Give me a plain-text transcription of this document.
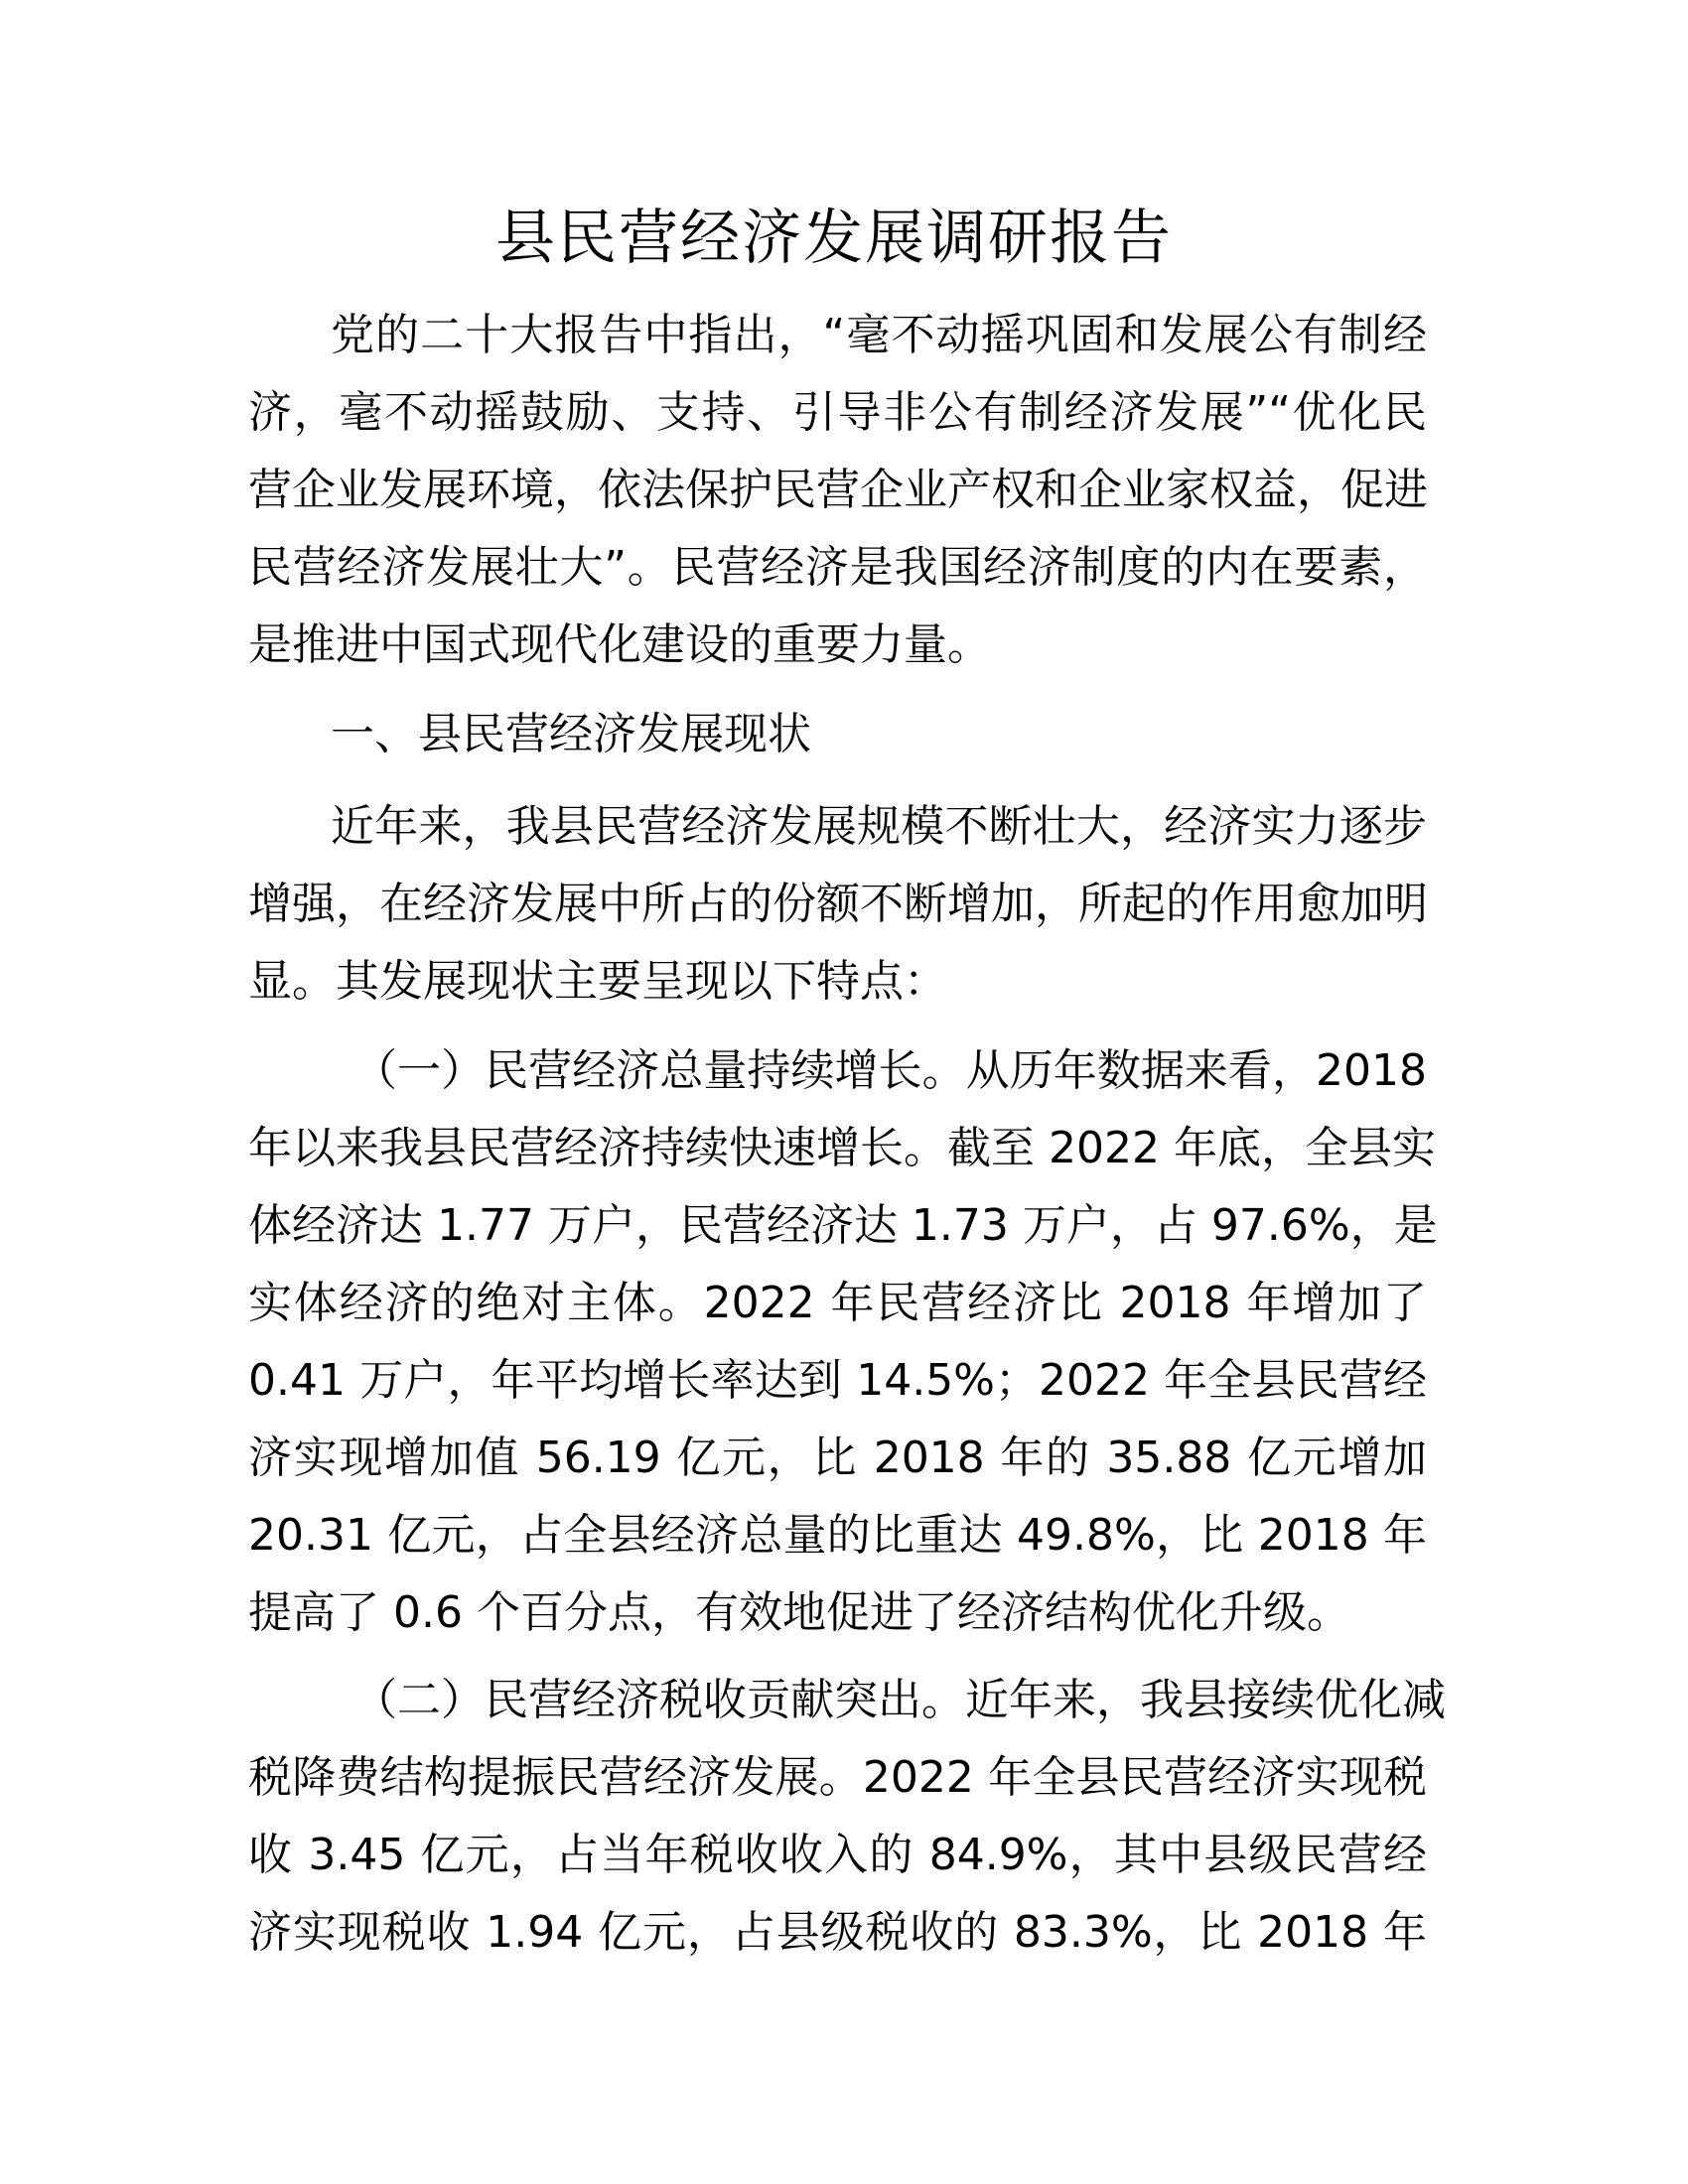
县民营经济发展调研报告
党的二十大报告中指出，“毫不动摇巩固和发展公有制经
济，毫不动摇鼓励、支持、引导非公有制经济发展”“优化民
营企业发展环境，依法保护民营企业产权和企业家权益，促进
民营经济发展壮大”。民营经济是我国经济制度的内在要素，
是推进中国式现代化建设的重要力量。
一、县民营经济发展现状
近年来，我县民营经济发展规模不断壮大，经济实力逐步
增强，在经济发展中所占的份额不断增加，所起的作用愈加明
显。其发展现状主要呈现以下特点：
（一）民营经济总量持续增长。从历年数据来看，2018
年以来我县民营经济持续快速增长。截至 2022 年底，全县实
体经济达 1.77 万户，民营经济达 1.73 万户，占 97.6%，是
实体经济的绝对主体。2022 年民营经济比 2018 年增加了
0.41 万户，年平均增长率达到 14.5%；2022 年全县民营经
济实现增加值 56.19 亿元，比 2018 年的 35.88 亿元增加
20.31 亿元，占全县经济总量的比重达 49.8%，比 2018 年
提高了 0.6 个百分点，有效地促进了经济结构优化升级。
（二）民营经济税收贡献突出。近年来，我县接续优化减
税降费结构提振民营经济发展。2022 年全县民营经济实现税
收 3.45 亿元，占当年税收收入的 84.9%，其中县级民营经
济实现税收 1.94 亿元，占县级税收的 83.3%，比 2018 年
